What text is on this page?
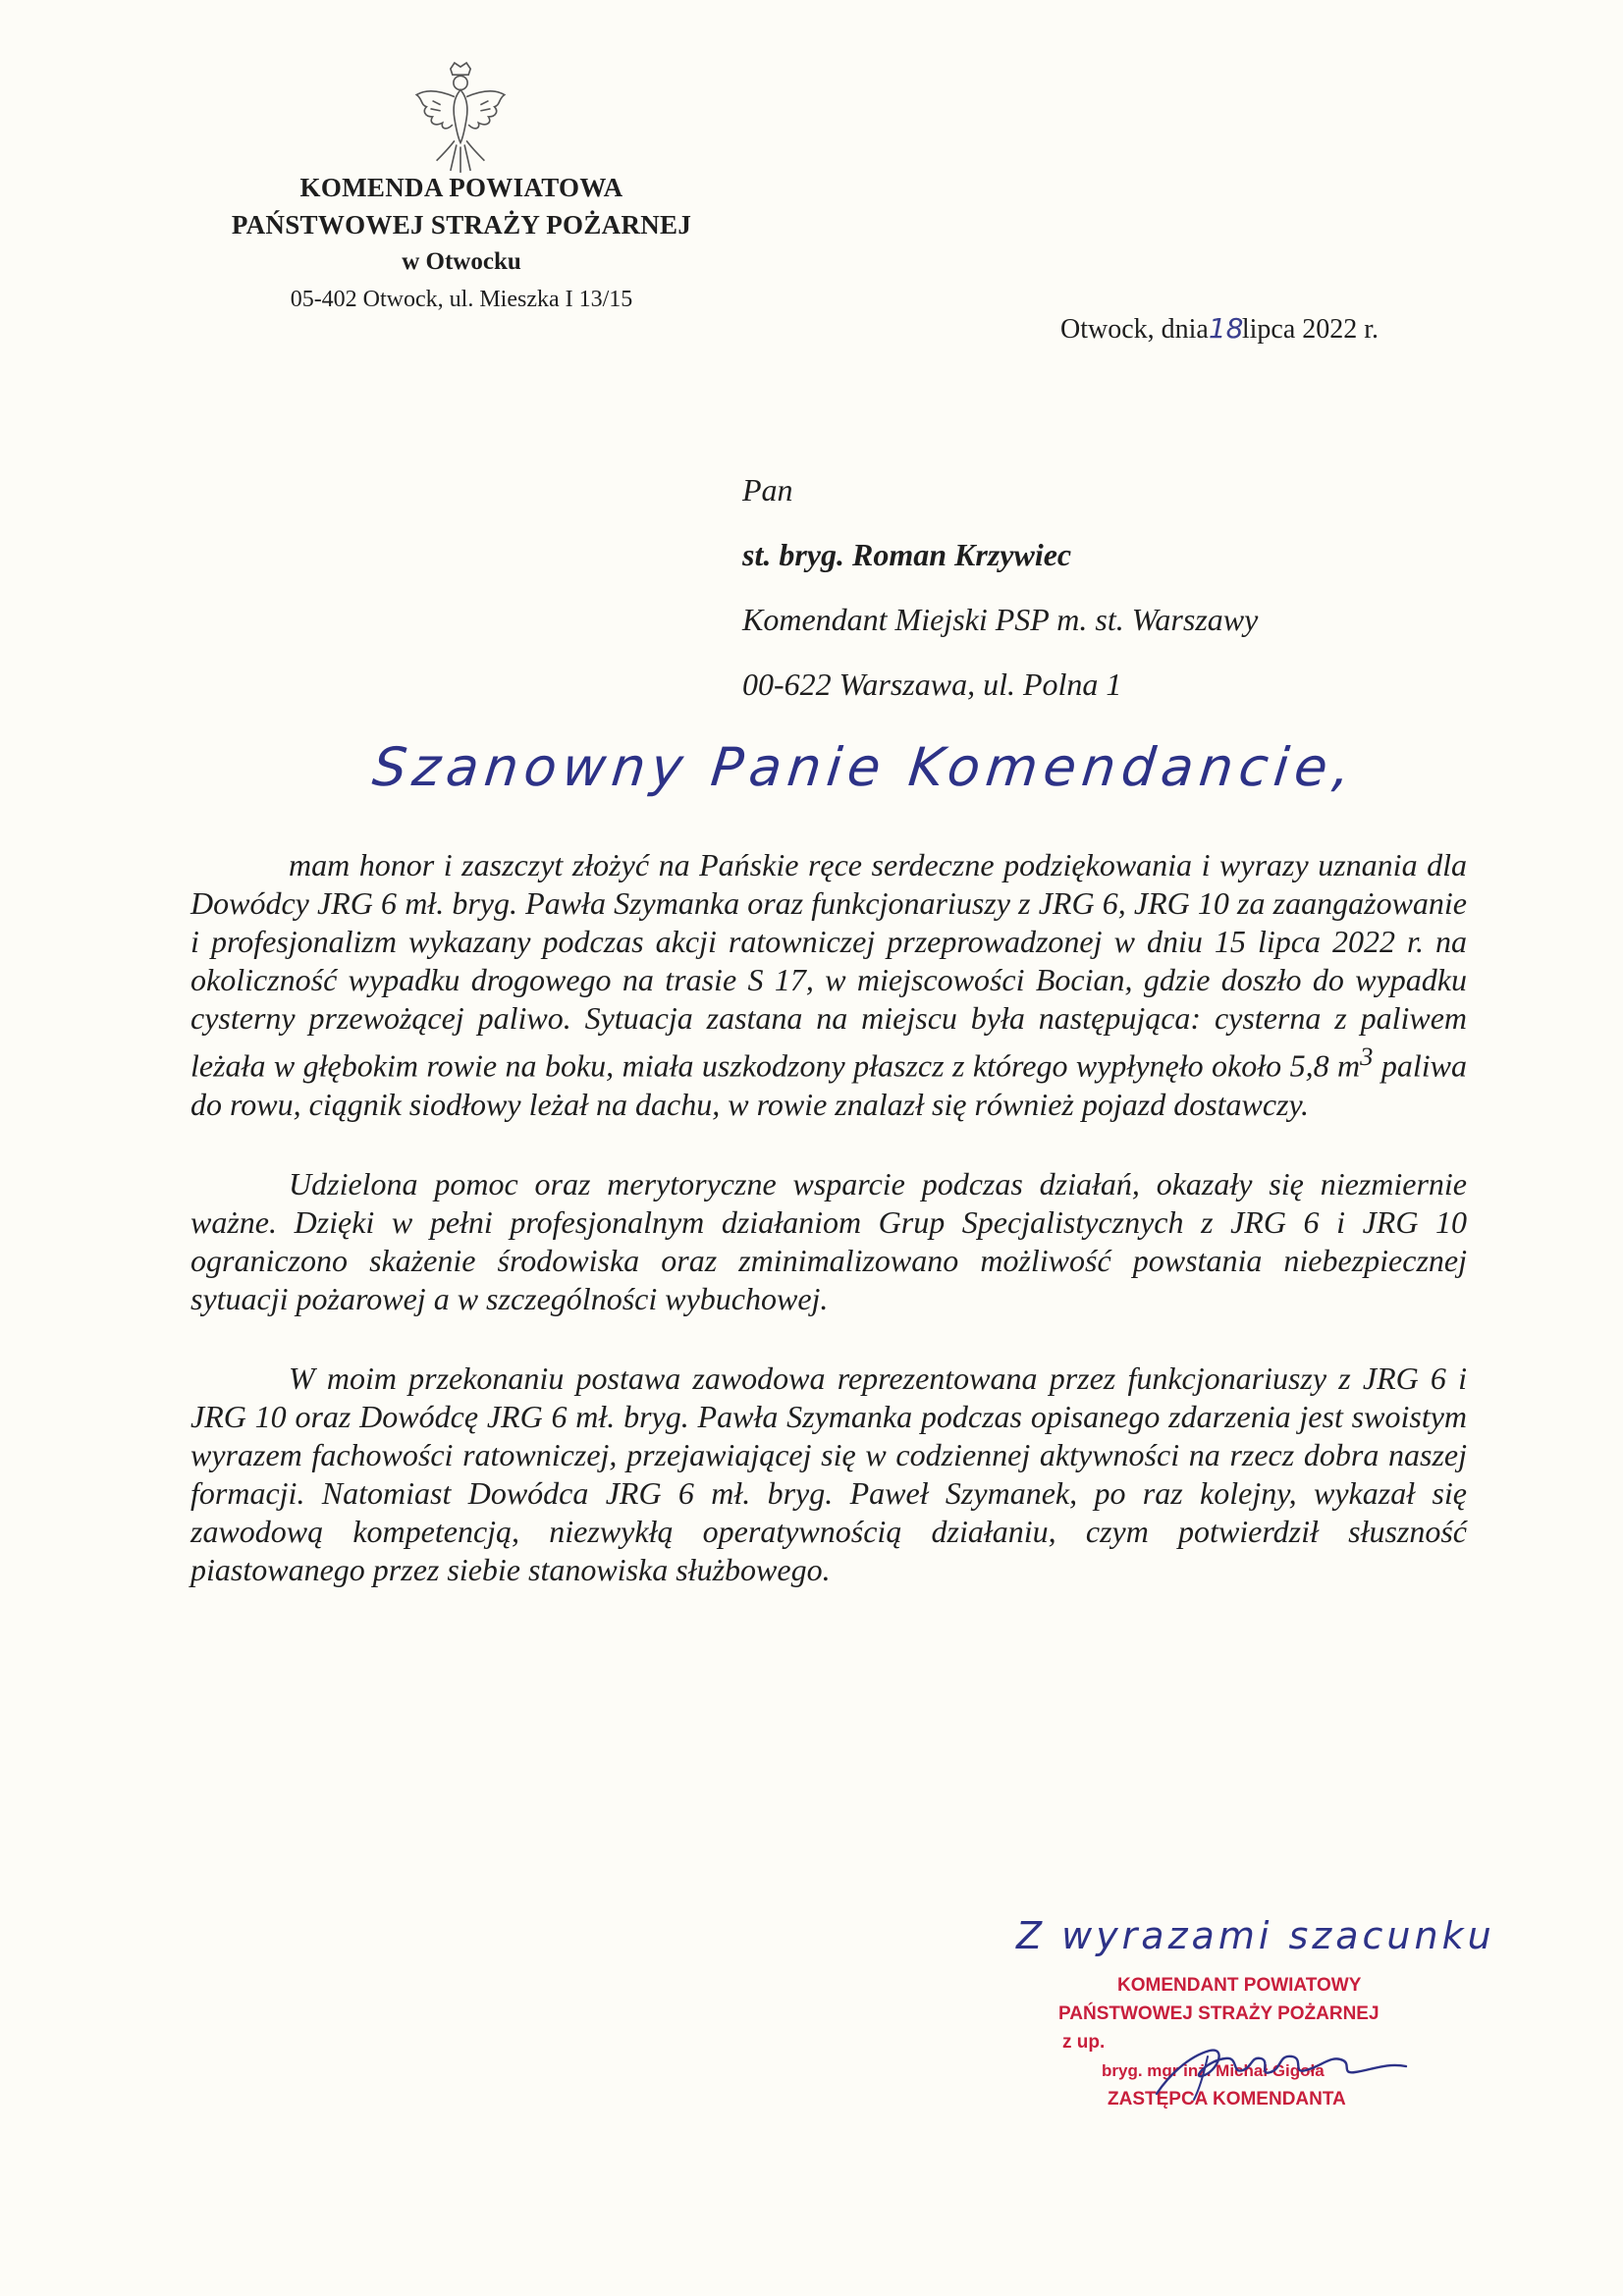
KOMENDA POWIATOWA
PAŃSTWOWEJ STRAŻY POŻARNEJ
w Otwocku
05-402 Otwock, ul. Mieszka I 13/15
Otwock, dnia18lipca 2022 r.
Pan
st. bryg. Roman Krzywiec
Komendant Miejski PSP m. st. Warszawy
00-622 Warszawa, ul. Polna 1
Szanowny Panie Komendancie,

mam honor i zaszczyt złożyć na Pańskie ręce serdeczne podziękowania i wyrazy uznania dla Dowódcy JRG 6 mł. bryg. Pawła Szymanka oraz funkcjonariuszy z JRG 6, JRG 10 za zaangażowanie i profesjonalizm wykazany podczas akcji ratowniczej przeprowadzonej w dniu 15 lipca 2022 r. na okoliczność wypadku drogowego na trasie S 17, w miejscowości Bocian, gdzie doszło do wypadku cysterny przewożącej paliwo. Sytuacja zastana na miejscu była następująca: cysterna z paliwem leżała w głębokim rowie na boku, miała uszkodzony płaszcz z którego wypłynęło około 5,8 $m^3$ paliwa do rowu, ciągnik siodłowy leżał na dachu, w rowie znalazł się również pojazd dostawczy.

Udzielona pomoc oraz merytoryczne wsparcie podczas działań, okazały się niezmiernie ważne. Dzięki w pełni profesjonalnym działaniom Grup Specjalistycznych z JRG 6 i JRG 10 ograniczono skażenie środowiska oraz zminimalizowano możliwość powstania niebezpiecznej sytuacji pożarowej a w szczególności wybuchowej.

W moim przekonaniu postawa zawodowa reprezentowana przez funkcjonariuszy z JRG 6 i JRG 10 oraz Dowódcę JRG 6 mł. bryg. Pawła Szymanka podczas opisanego zdarzenia jest swoistym wyrazem fachowości ratowniczej, przejawiającej się w codziennej aktywności na rzecz dobra naszej formacji. Natomiast Dowódca JRG 6 mł. bryg. Paweł Szymanek, po raz kolejny, wykazał się zawodową kompetencją, niezwykłą operatywnością działaniu, czym potwierdził słuszność piastowanego przez siebie stanowiska służbowego.

Z wyrazami szacunku
KOMENDANT POWIATOWY
PAŃSTWOWEJ STRAŻY POŻARNEJ
z up.
bryg. mgr inż. Michał Gigoła
ZASTĘPCA KOMENDANTA
